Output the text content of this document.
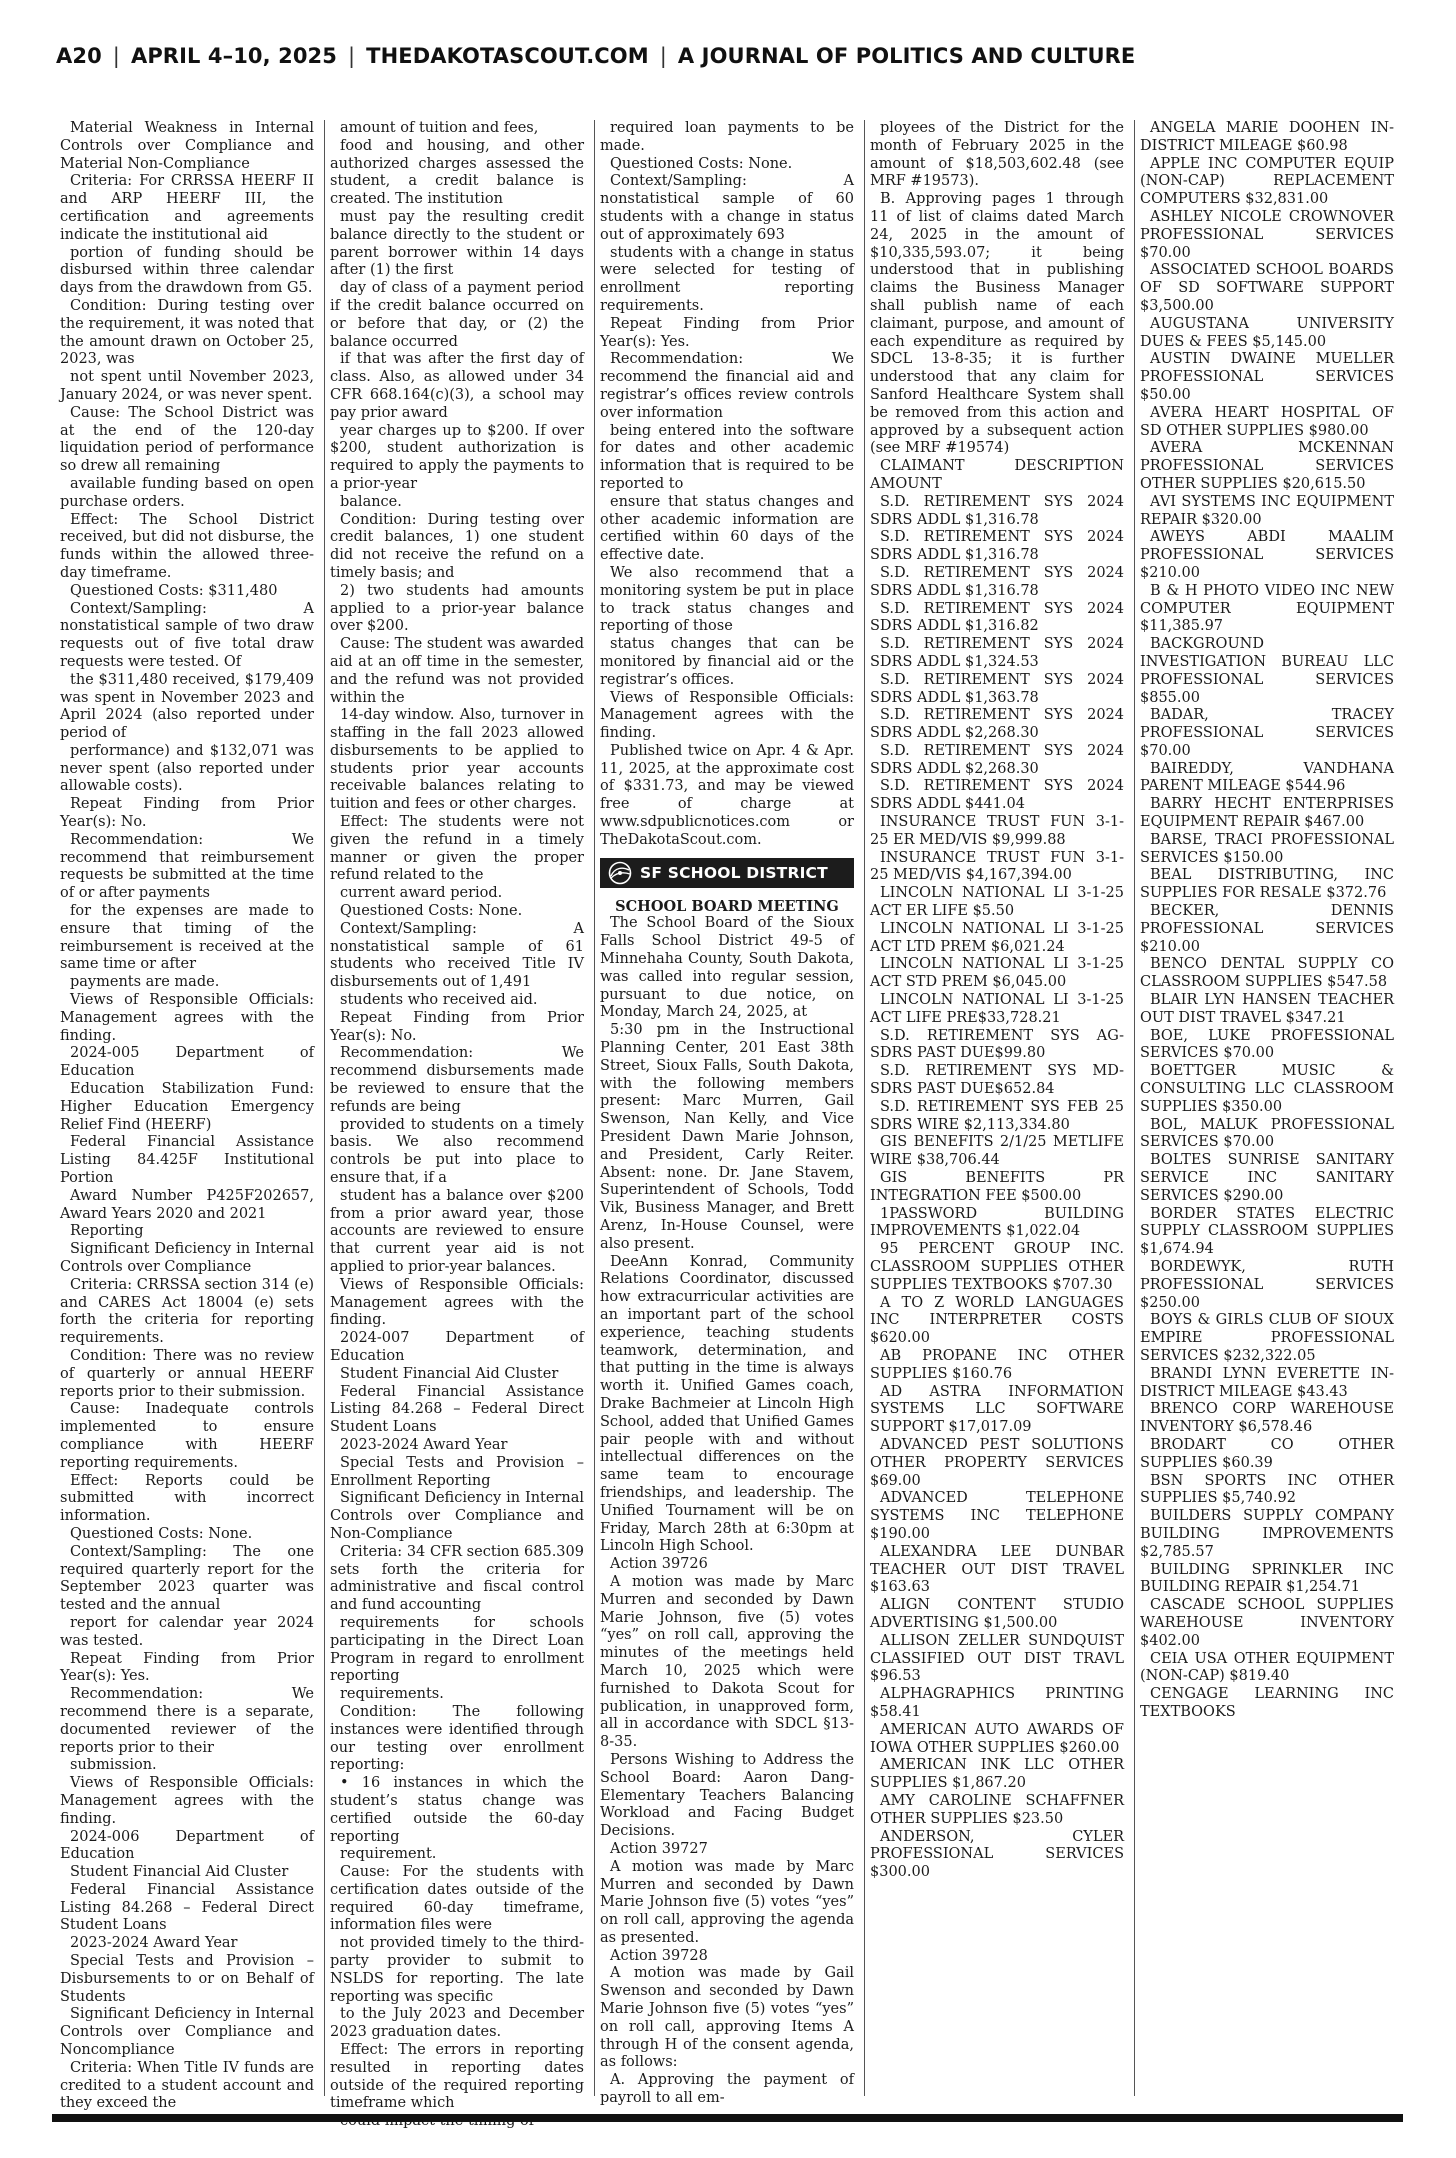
A20 | APRIL 4–10, 2025 | THEDAKOTASCOUT.COM | A JOURNAL OF POLITICS AND CULTURE

Material Weakness in Internal Controls over Compliance and Material Non-Compliance

Criteria: For CRRSSA HEERF II and ARP HEERF III, the certification and agreements indicate the institutional aid

portion of funding should be disbursed within three calendar days from the drawdown from G5.

Condition: During testing over the requirement, it was noted that the amount drawn on October 25, 2023, was

not spent until November 2023, January 2024, or was never spent.

Cause: The School District was at the end of the 120-day liquidation period of performance so drew all remaining

available funding based on open purchase orders.

Effect: The School District received, but did not disburse, the funds within the allowed three-day timeframe.

Questioned Costs: $311,480

Context/Sampling: A nonstatistical sample of two draw requests out of five total draw requests were tested. Of

the $311,480 received, $179,409 was spent in November 2023 and April 2024 (also reported under period of

performance) and $132,071 was never spent (also reported under allowable costs).

Repeat Finding from Prior Year(s): No.

Recommendation: We recommend that reimbursement requests be submitted at the time of or after payments

for the expenses are made to ensure that timing of the reimbursement is received at the same time or after

payments are made.

Views of Responsible Officials: Management agrees with the finding.

2024-005 Department of Education

Education Stabilization Fund: Higher Education Emergency Relief Find (HEERF)

Federal Financial Assistance Listing 84.425F Institutional Portion

Award Number P425F202657, Award Years 2020 and 2021

Reporting

Significant Deficiency in Internal Controls over Compliance

Criteria: CRRSSA section 314 (e) and CARES Act 18004 (e) sets forth the criteria for reporting requirements.

Condition: There was no review of quarterly or annual HEERF reports prior to their submission.

Cause: Inadequate controls implemented to ensure compliance with HEERF reporting requirements.

Effect: Reports could be submitted with incorrect information.

Questioned Costs: None.

Context/Sampling: The one required quarterly report for the September 2023 quarter was tested and the annual

report for calendar year 2024 was tested.

Repeat Finding from Prior Year(s): Yes.

Recommendation: We recommend there is a separate, documented reviewer of the reports prior to their

submission.

Views of Responsible Officials: Management agrees with the finding.

2024-006 Department of Education

Student Financial Aid Cluster

Federal Financial Assistance Listing 84.268 – Federal Direct Student Loans

2023-2024 Award Year

Special Tests and Provision – Disbursements to or on Behalf of Students

Significant Deficiency in Internal Controls over Compliance and Noncompliance

Criteria: When Title IV funds are credited to a student account and they exceed the

amount of tuition and fees,

food and housing, and other authorized charges assessed the student, a credit balance is created. The institution

must pay the resulting credit balance directly to the student or parent borrower within 14 days after (1) the first

day of class of a payment period if the credit balance occurred on or before that day, or (2) the balance occurred

if that was after the first day of class. Also, as allowed under 34 CFR 668.164(c)(3), a school may pay prior award

year charges up to $200. If over $200, student authorization is required to apply the payments to a prior-year

balance.

Condition: During testing over credit balances, 1) one student did not receive the refund on a timely basis; and

2) two students had amounts applied to a prior-year balance over $200.

Cause: The student was awarded aid at an off time in the semester, and the refund was not provided within the

14-day window. Also, turnover in staffing in the fall 2023 allowed disbursements to be applied to students prior year accounts receivable balances relating to tuition and fees or other charges.

Effect: The students were not given the refund in a timely manner or given the proper refund related to the

current award period.

Questioned Costs: None.

Context/Sampling: A nonstatistical sample of 61 students who received Title IV disbursements out of 1,491

students who received aid.

Repeat Finding from Prior Year(s): No.

Recommendation: We recommend disbursements made be reviewed to ensure that the refunds are being

provided to students on a timely basis. We also recommend controls be put into place to ensure that, if a

student has a balance over $200 from a prior award year, those accounts are reviewed to ensure that current year aid is not applied to prior-year balances.

Views of Responsible Officials: Management agrees with the finding.

2024-007 Department of Education

Student Financial Aid Cluster

Federal Financial Assistance Listing 84.268 – Federal Direct Student Loans

2023-2024 Award Year

Special Tests and Provision – Enrollment Reporting

Significant Deficiency in Internal Controls over Compliance and Non-Compliance

Criteria: 34 CFR section 685.309 sets forth the criteria for administrative and fiscal control and fund accounting

requirements for schools participating in the Direct Loan Program in regard to enrollment reporting

requirements.

Condition: The following instances were identified through our testing over enrollment reporting:

• 16 instances in which the student’s status change was certified outside the 60-day reporting

requirement.

Cause: For the students with certification dates outside of the required 60-day timeframe, information files were

not provided timely to the third-party provider to submit to NSLDS for reporting. The late reporting was specific

to the July 2023 and December 2023 graduation dates.

Effect: The errors in reporting resulted in reporting dates outside of the required reporting timeframe which

required loan payments to be made.

Questioned Costs: None.

Context/Sampling: A nonstatistical sample of 60 students with a change in status out of approximately 693

students with a change in status were selected for testing of enrollment reporting requirements.

Repeat Finding from Prior Year(s): Yes.

Recommendation: We recommend the financial aid and registrar’s offices review controls over information

being entered into the software for dates and other academic information that is required to be reported to

ensure that status changes and other academic information are certified within 60 days of the effective date.

We also recommend that a monitoring system be put in place to track status changes and reporting of those

status changes that can be monitored by financial aid or the registrar’s offices.

Views of Responsible Officials: Management agrees with the finding.

Published twice on Apr. 4 & Apr. 11, 2025, at the approximate cost of $331.73, and may be viewed free of charge at www.sdpublicnotices.com or TheDakotaScout.com.

SF SCHOOL DISTRICT

SCHOOL BOARD MEETING

The School Board of the Sioux Falls School District 49-5 of Minnehaha County, South Dakota, was called into regular session, pursuant to due notice, on Monday, March 24, 2025, at

5:30 pm in the Instructional Planning Center, 201 East 38th Street, Sioux Falls, South Dakota, with the following members present: Marc Murren, Gail Swenson, Nan Kelly, and Vice President Dawn Marie Johnson, and President, Carly Reiter. Absent: none. Dr. Jane Stavem, Superintendent of Schools, Todd Vik, Business Manager, and Brett Arenz, In-House Counsel, were also present.

DeeAnn Konrad, Community Relations Coordinator, discussed how extracurricular activities are an important part of the school experience, teaching students teamwork, determination, and that putting in the time is always worth it. Unified Games coach, Drake Bachmeier at Lincoln High School, added that Unified Games pair people with and without intellectual differences on the same team to encourage friendships, and leadership. The Unified Tournament will be on Friday, March 28th at 6:30pm at Lincoln High School.

Action 39726

A motion was made by Marc Murren and seconded by Dawn Marie Johnson, five (5) votes “yes” on roll call, approving the minutes of the meetings held March 10, 2025 which were furnished to Dakota Scout for publication, in unapproved form, all in accordance with SDCL §13-8-35.

Persons Wishing to Address the School Board: Aaron Dang-Elementary Teachers Balancing Workload and Facing Budget Decisions.

Action 39727

A motion was made by Marc Murren and seconded by Dawn Marie Johnson five (5) votes “yes” on roll call, approving the agenda as presented.

Action 39728

A motion was made by Gail Swenson and seconded by Dawn Marie Johnson five (5) votes “yes” on roll call, approving Items A through H of the consent agenda, as follows:

A. Approving the payment of payroll to all em-

ployees of the District for the month of February 2025 in the amount of $18,503,602.48 (see MRF #19573).

B. Approving pages 1 through 11 of list of claims dated March 24, 2025 in the amount of $10,335,593.07; it being understood that in publishing claims the Business Manager shall publish name of each claimant, purpose, and amount of each expenditure as required by SDCL 13-8-35; it is further understood that any claim for Sanford Healthcare System shall be removed from this action and approved by a subsequent action (see MRF #19574)

CLAIMANT DESCRIPTION AMOUNT

S.D. RETIREMENT SYS 2024 SDRS ADDL $1,316.78

S.D. RETIREMENT SYS 2024 SDRS ADDL $1,316.78

S.D. RETIREMENT SYS 2024 SDRS ADDL $1,316.78

S.D. RETIREMENT SYS 2024 SDRS ADDL $1,316.82

S.D. RETIREMENT SYS 2024 SDRS ADDL $1,324.53

S.D. RETIREMENT SYS 2024 SDRS ADDL $1,363.78

S.D. RETIREMENT SYS 2024 SDRS ADDL $2,268.30

S.D. RETIREMENT SYS 2024 SDRS ADDL $2,268.30

S.D. RETIREMENT SYS 2024 SDRS ADDL $441.04

INSURANCE TRUST FUN 3-1-25 ER MED/VIS $9,999.88

INSURANCE TRUST FUN 3-1-25 MED/VIS $4,167,394.00

LINCOLN NATIONAL LI 3-1-25 ACT ER LIFE $5.50

LINCOLN NATIONAL LI 3-1-25 ACT LTD PREM $6,021.24

LINCOLN NATIONAL LI 3-1-25 ACT STD PREM $6,045.00

LINCOLN NATIONAL LI 3-1-25 ACT LIFE PRE$33,728.21

S.D. RETIREMENT SYS AG-SDRS PAST DUE$99.80

S.D. RETIREMENT SYS MD-SDRS PAST DUE$652.84

S.D. RETIREMENT SYS FEB 25 SDRS WIRE $2,113,334.80

GIS BENEFITS 2/1/25 METLIFE WIRE $38,706.44

GIS BENEFITS PR INTEGRATION FEE $500.00

1PASSWORD BUILDING IMPROVEMENTS $1,022.04

95 PERCENT GROUP INC. CLASSROOM SUPPLIES OTHER SUPPLIES TEXTBOOKS $707.30

A TO Z WORLD LANGUAGES INC INTERPRETER COSTS $620.00

AB PROPANE INC OTHER SUPPLIES $160.76

AD ASTRA INFORMATION SYSTEMS LLC SOFTWARE SUPPORT $17,017.09

ADVANCED PEST SOLUTIONS OTHER PROPERTY SERVICES $69.00

ADVANCED TELEPHONE SYSTEMS INC TELEPHONE $190.00

ALEXANDRA LEE DUNBAR TEACHER OUT DIST TRAVEL $163.63

ALIGN CONTENT STUDIO ADVERTISING $1,500.00

ALLISON ZELLER SUNDQUIST CLASSIFIED OUT DIST TRAVL $96.53

ALPHAGRAPHICS PRINTING $58.41

AMERICAN AUTO AWARDS OF IOWA OTHER SUPPLIES $260.00

AMERICAN INK LLC OTHER SUPPLIES $1,867.20

AMY CAROLINE SCHAFFNER OTHER SUPPLIES $23.50

ANDERSON, CYLER PROFESSIONAL SERVICES $300.00

ANGELA MARIE DOOHEN IN-DISTRICT MILEAGE $60.98

APPLE INC COMPUTER EQUIP (NON-CAP) REPLACEMENT COMPUTERS $32,831.00

ASHLEY NICOLE CROWNOVER PROFESSIONAL SERVICES $70.00

ASSOCIATED SCHOOL BOARDS OF SD SOFTWARE SUPPORT $3,500.00

AUGUSTANA UNIVERSITY DUES & FEES $5,145.00

AUSTIN DWAINE MUELLER PROFESSIONAL SERVICES $50.00

AVERA HEART HOSPITAL OF SD OTHER SUPPLIES $980.00

AVERA MCKENNAN PROFESSIONAL SERVICES OTHER SUPPLIES $20,615.50

AVI SYSTEMS INC EQUIPMENT REPAIR $320.00

AWEYS ABDI MAALIM PROFESSIONAL SERVICES $210.00

B & H PHOTO VIDEO INC NEW COMPUTER EQUIPMENT $11,385.97

BACKGROUND INVESTIGATION BUREAU LLC PROFESSIONAL SERVICES $855.00

BADAR, TRACEY PROFESSIONAL SERVICES $70.00

BAIREDDY, VANDHANA PARENT MILEAGE $544.96

BARRY HECHT ENTERPRISES EQUIPMENT REPAIR $467.00

BARSE, TRACI PROFESSIONAL SERVICES $150.00

BEAL DISTRIBUTING, INC SUPPLIES FOR RESALE $372.76

BECKER, DENNIS PROFESSIONAL SERVICES $210.00

BENCO DENTAL SUPPLY CO CLASSROOM SUPPLIES $547.58

BLAIR LYN HANSEN TEACHER OUT DIST TRAVEL $347.21

BOE, LUKE PROFESSIONAL SERVICES $70.00

BOETTGER MUSIC & CONSULTING LLC CLASSROOM SUPPLIES $350.00

BOL, MALUK PROFESSIONAL SERVICES $70.00

BOLTES SUNRISE SANITARY SERVICE INC SANITARY SERVICES $290.00

BORDER STATES ELECTRIC SUPPLY CLASSROOM SUPPLIES $1,674.94

BORDEWYK, RUTH PROFESSIONAL SERVICES $250.00

BOYS & GIRLS CLUB OF SIOUX EMPIRE PROFESSIONAL SERVICES $232,322.05

BRANDI LYNN EVERETTE IN-DISTRICT MILEAGE $43.43

BRENCO CORP WAREHOUSE INVENTORY $6,578.46

BRODART CO OTHER SUPPLIES $60.39

BSN SPORTS INC OTHER SUPPLIES $5,740.92

BUILDERS SUPPLY COMPANY BUILDING IMPROVEMENTS $2,785.57

BUILDING SPRINKLER INC BUILDING REPAIR $1,254.71

CASCADE SCHOOL SUPPLIES WAREHOUSE INVENTORY $402.00

CEIA USA OTHER EQUIPMENT (NON-CAP) $819.40

CENGAGE LEARNING INC TEXTBOOKS
